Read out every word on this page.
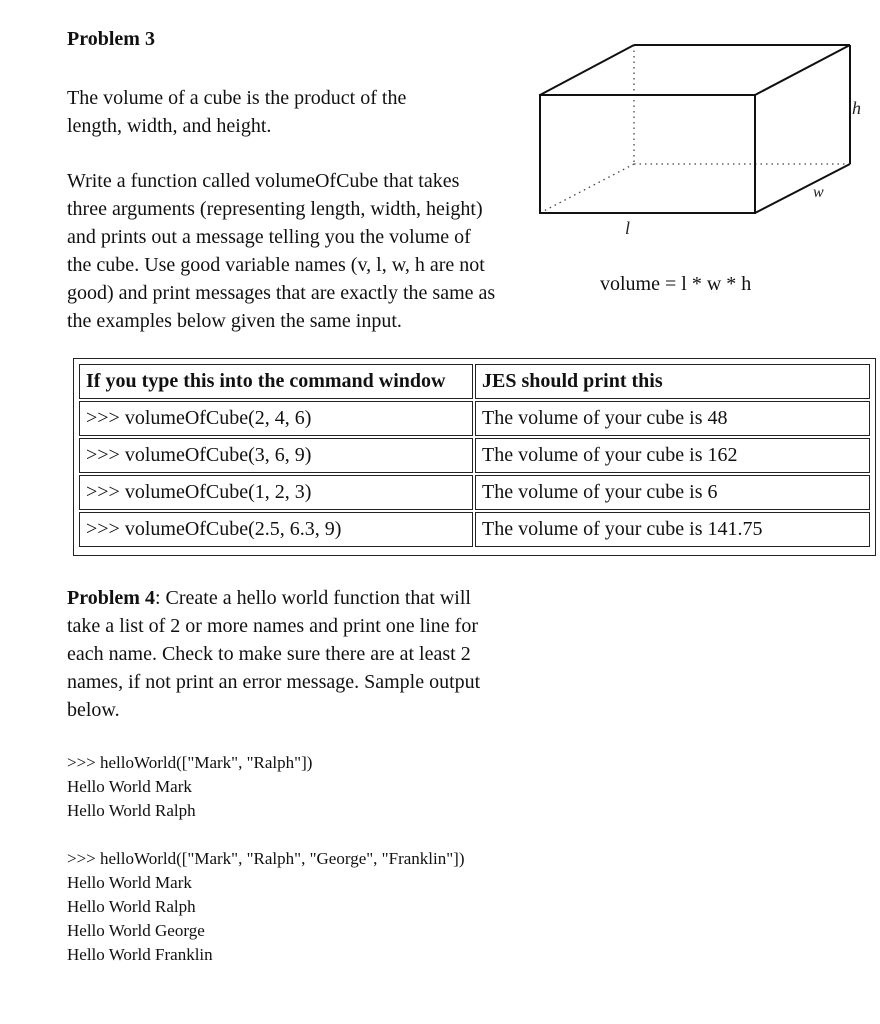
Problem 3

The volume of a cube is the product of the
length, width, and height.

Write a function called volumeOfCube that takes
three arguments (representing length, width, height)
and prints out a message telling you the volume of
the cube. Use good variable names (v, l, w, h are not
good) and print messages that are exactly the same as
the examples below given the same input.

h
w
l
volume = l * w * h
If you type this into the command window	JES should print this
>>> volumeOfCube(2, 4, 6)	The volume of your cube is 48
>>> volumeOfCube(3, 6, 9)	The volume of your cube is 162
>>> volumeOfCube(1, 2, 3)	The volume of your cube is 6
>>> volumeOfCube(2.5, 6.3, 9)	The volume of your cube is 141.75

Problem 4: Create a hello world function that will
take a list of 2 or more names and print one line for
each name. Check to make sure there are at least 2
names, if not print an error message. Sample output
below.

>>> helloWorld(["Mark", "Ralph"])
Hello World Mark
Hello World Ralph

>>> helloWorld(["Mark", "Ralph", "George", "Franklin"])
Hello World Mark
Hello World Ralph
Hello World George
Hello World Franklin
